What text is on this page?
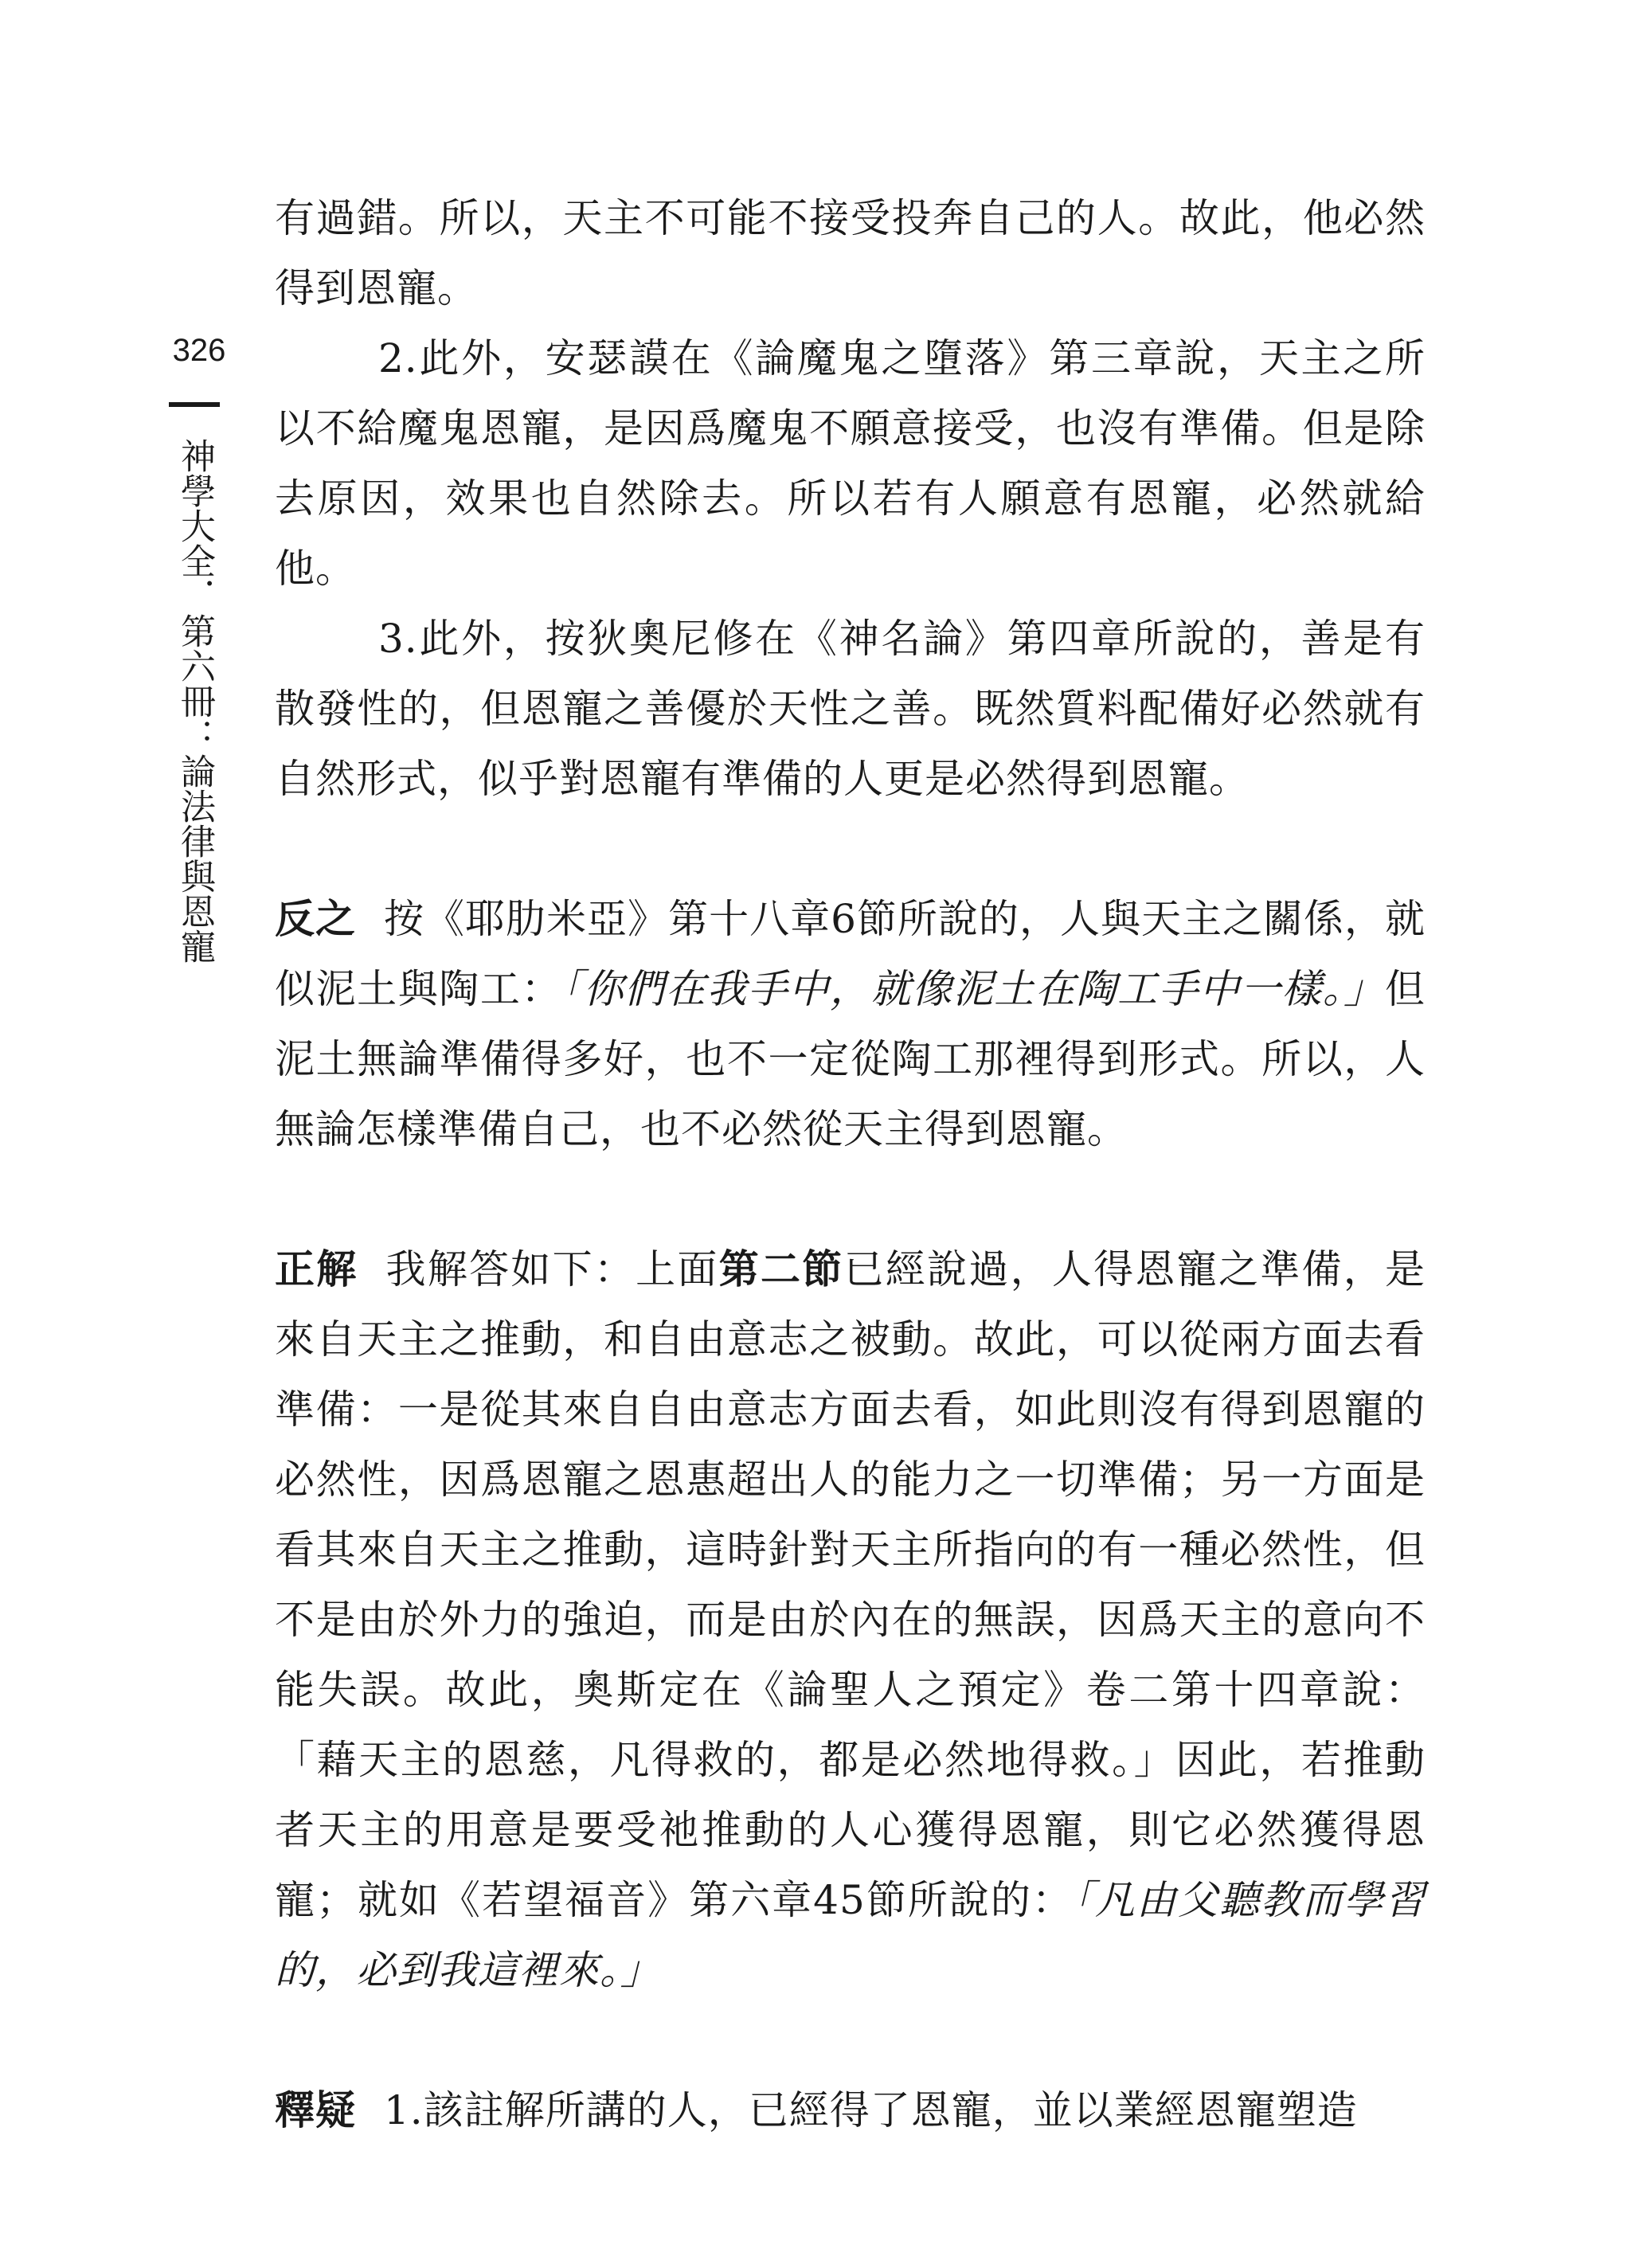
326
神學大全．第六冊：論法律與恩寵

有過錯。所以，天主不可能不接受投奔自己的人。故此，他必然得到恩寵。

2.此外，安瑟謨在《論魔鬼之墮落》第三章說，天主之所以不給魔鬼恩寵，是因爲魔鬼不願意接受，也沒有準備。但是除去原因，效果也自然除去。所以若有人願意有恩寵，必然就給他。

3.此外，按狄奧尼修在《神名論》第四章所說的，善是有散發性的，但恩寵之善優於天性之善。既然質料配備好必然就有自然形式，似乎對恩寵有準備的人更是必然得到恩寵。

反之 按《耶肋米亞》第十八章6節所說的，人與天主之關係，就似泥土與陶工：「你們在我手中，就像泥土在陶工手中一樣。」但泥土無論準備得多好，也不一定從陶工那裡得到形式。所以，人無論怎樣準備自己，也不必然從天主得到恩寵。

正解 我解答如下：上面第二節已經說過，人得恩寵之準備，是來自天主之推動，和自由意志之被動。故此，可以從兩方面去看準備：一是從其來自自由意志方面去看，如此則沒有得到恩寵的必然性，因爲恩寵之恩惠超出人的能力之一切準備；另一方面是看其來自天主之推動，這時針對天主所指向的有一種必然性，但不是由於外力的強迫，而是由於內在的無誤，因爲天主的意向不能失誤。故此，奧斯定在《論聖人之預定》卷二第十四章說：「藉天主的恩慈，凡得救的，都是必然地得救。」因此，若推動者天主的用意是要受祂推動的人心獲得恩寵，則它必然獲得恩寵；就如《若望福音》第六章45節所說的：「凡由父聽教而學習的，必到我這裡來。」

釋疑 1.該註解所講的人，已經得了恩寵，並以業經恩寵塑造
